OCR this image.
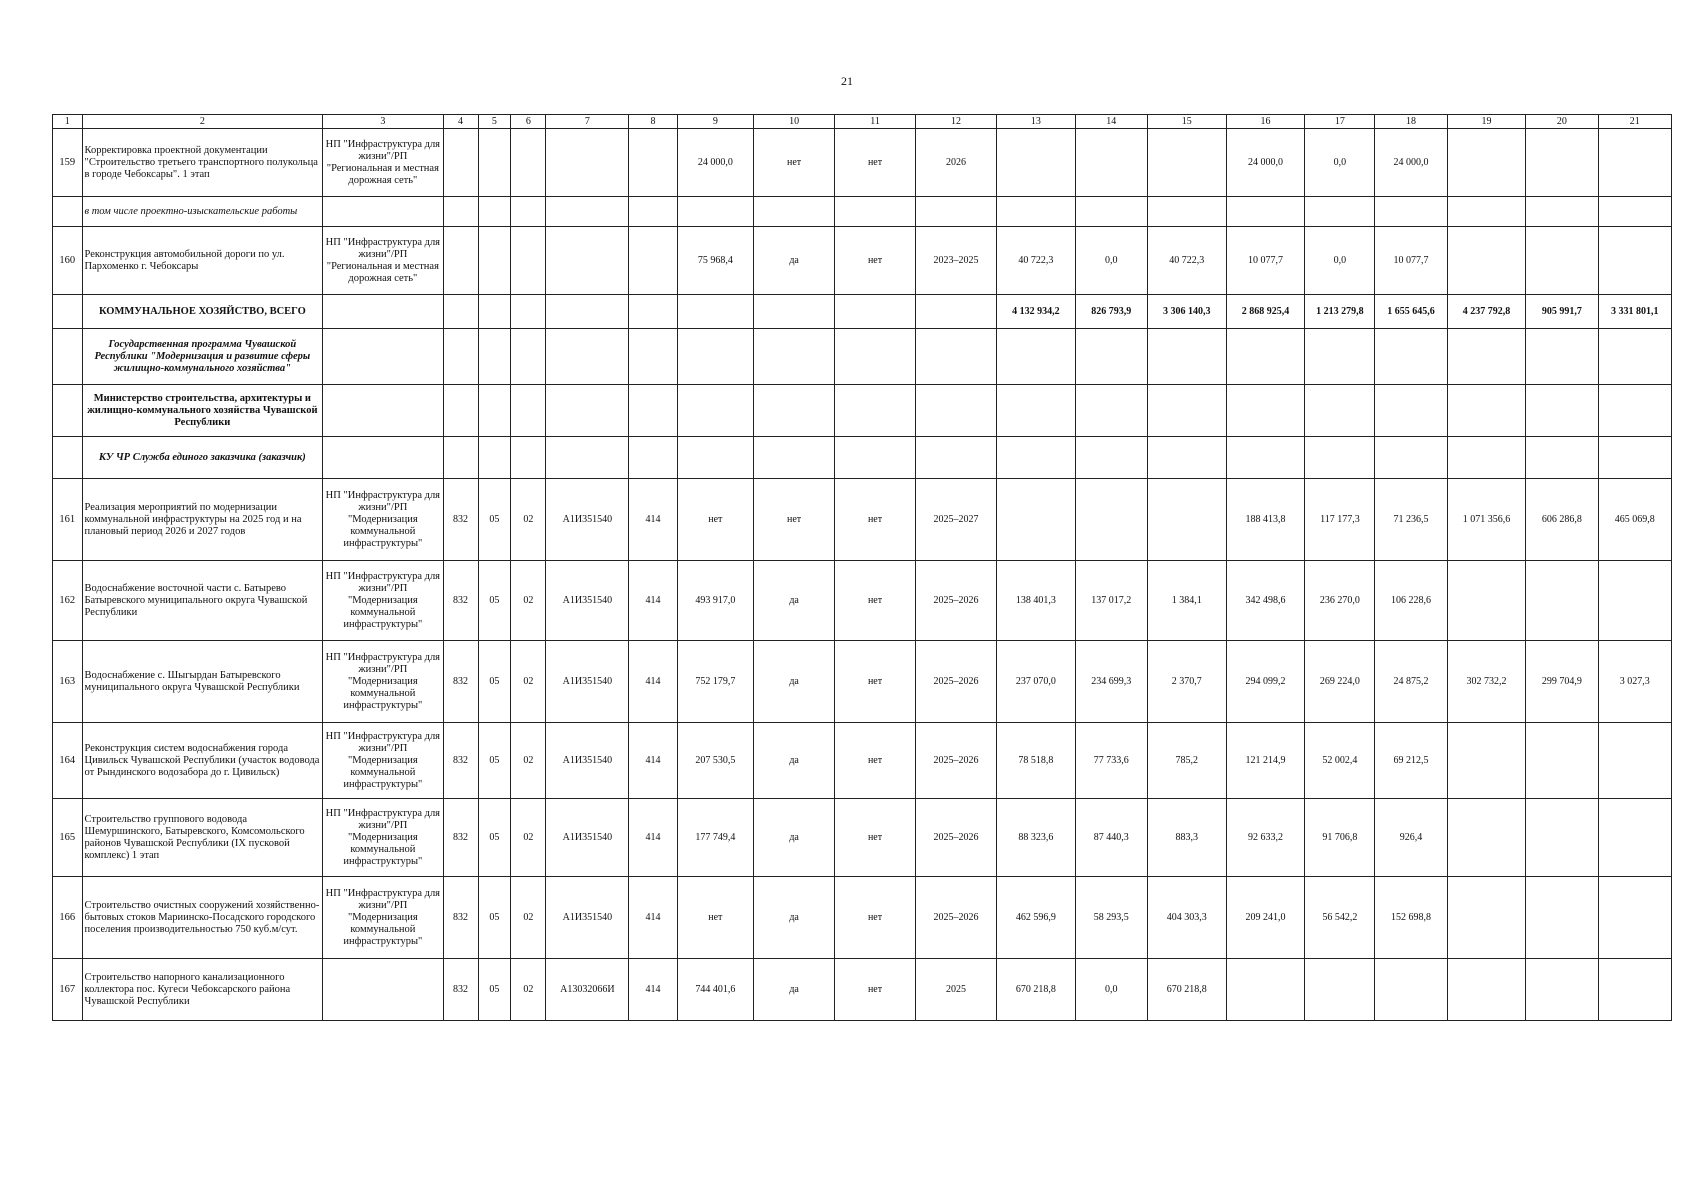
21
1	2	3	4	5	6	7	8	9	10	11	12	13	14	15	16	17	18	19	20	21
159	Корректировка проектной документации "Строительство третьего транспортного полукольца в городе Чебоксары". 1 этап	НП "Инфраструктура для жизни"/РП "Региональная и местная дорожная сеть"						24 000,0	нет	нет	2026				24 000,0	0,0	24 000,0			
	в том числе проектно-изыскательские работы																			
160	Реконструкция автомобильной дороги по ул. Пархоменко г. Чебоксары	НП "Инфраструктура для жизни"/РП "Региональная и местная дорожная сеть"						75 968,4	да	нет	2023–2025	40 722,3	0,0	40 722,3	10 077,7	0,0	10 077,7			
	КОММУНАЛЬНОЕ ХОЗЯЙСТВО, ВСЕГО											4 132 934,2	826 793,9	3 306 140,3	2 868 925,4	1 213 279,8	1 655 645,6	4 237 792,8	905 991,7	3 331 801,1
	Государственная программа Чувашской Республики "Модернизация и развитие сферы жилищно-коммунального хозяйства"																			
	Министерство строительства, архитектуры и жилищно-коммунального хозяйства Чувашской Республики																			
	КУ ЧР Служба единого заказчика (заказчик)																			
161	Реализация мероприятий по модернизации коммунальной инфраструктуры на 2025 год и на плановый период 2026 и 2027 годов	НП "Инфраструктура для жизни"/РП "Модернизация коммунальной инфраструктуры"	832	05	02	А1И351540	414	нет	нет	нет	2025–2027				188 413,8	117 177,3	71 236,5	1 071 356,6	606 286,8	465 069,8
162	Водоснабжение восточной части с. Батырево Батыревского муниципального округа Чувашской Республики	НП "Инфраструктура для жизни"/РП "Модернизация коммунальной инфраструктуры"	832	05	02	А1И351540	414	493 917,0	да	нет	2025–2026	138 401,3	137 017,2	1 384,1	342 498,6	236 270,0	106 228,6			
163	Водоснабжение с. Шыгырдан Батыревского муниципального округа Чувашской Республики	НП "Инфраструктура для жизни"/РП "Модернизация коммунальной инфраструктуры"	832	05	02	А1И351540	414	752 179,7	да	нет	2025–2026	237 070,0	234 699,3	2 370,7	294 099,2	269 224,0	24 875,2	302 732,2	299 704,9	3 027,3
164	Реконструкция систем водоснабжения города Цивильск Чувашской Республики (участок водовода от Рындинского водозабора до г. Цивильск)	НП "Инфраструктура для жизни"/РП "Модернизация коммунальной инфраструктуры"	832	05	02	А1И351540	414	207 530,5	да	нет	2025–2026	78 518,8	77 733,6	785,2	121 214,9	52 002,4	69 212,5			
165	Строительство группового водовода Шемуршинского, Батыревского, Комсомольского районов Чувашской Республики (IX пусковой комплекс) 1 этап	НП "Инфраструктура для жизни"/РП "Модернизация коммунальной инфраструктуры"	832	05	02	А1И351540	414	177 749,4	да	нет	2025–2026	88 323,6	87 440,3	883,3	92 633,2	91 706,8	926,4			
166	Строительство очистных сооружений хозяйственно-бытовых стоков Мариинско-Посадского городского поселения производительностью 750 куб.м/сут.	НП "Инфраструктура для жизни"/РП "Модернизация коммунальной инфраструктуры"	832	05	02	А1И351540	414	нет	да	нет	2025–2026	462 596,9	58 293,5	404 303,3	209 241,0	56 542,2	152 698,8			
167	Строительство напорного канализационного коллектора пос. Кугеси Чебоксарского района Чувашской Республики		832	05	02	А13032066И	414	744 401,6	да	нет	2025	670 218,8	0,0	670 218,8						
